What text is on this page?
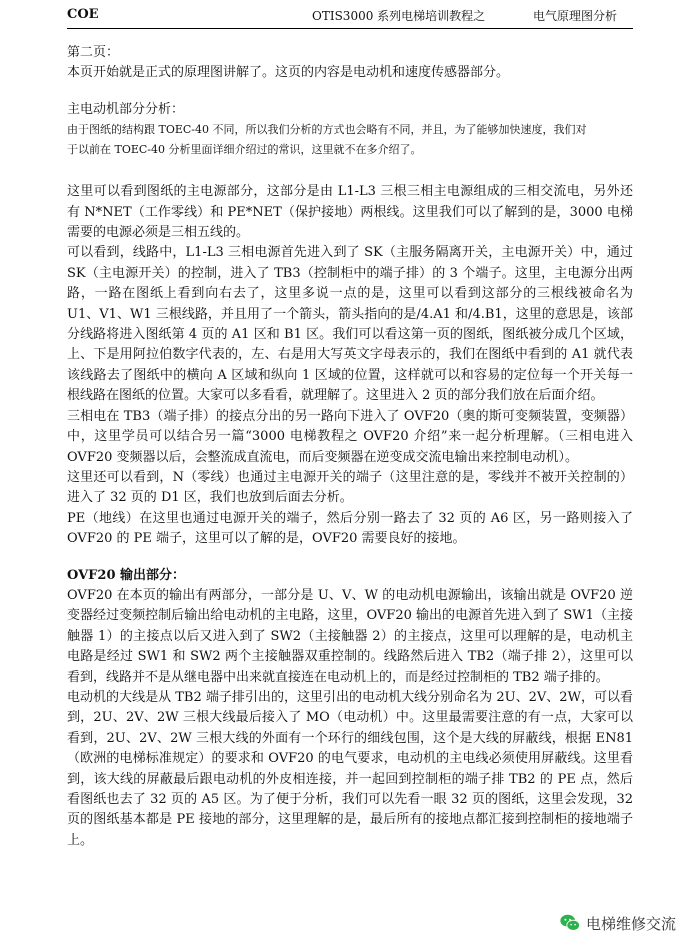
COE	OTIS3000 系列电梯培训教程之	电气原理图分析

第二页：

本页开始就是正式的原理图讲解了。这页的内容是电动机和速度传感器部分。

主电动机部分分析：

由于图纸的结构跟 TOEC-40 不同，所以我们分析的方式也会略有不同，并且，为了能够加快速度，我们对

于以前在 TOEC-40 分析里面详细介绍过的常识，这里就不在多介绍了。

这里可以看到图纸的主电源部分，这部分是由 L1-L3 三根三相主电源组成的三相交流电，另外还有 N*NET（工作零线）和 PE*NET（保护接地）两根线。这里我们可以了解到的是，3000 电梯需要的电源必须是三相五线的。

可以看到，线路中，L1-L3 三相电源首先进入到了 SK（主服务隔离开关，主电源开关）中，通过 SK（主电源开关）的控制，进入了 TB3（控制柜中的端子排）的 3 个端子。这里，主电源分出两路，一路在图纸上看到向右去了，这里多说一点的是，这里可以看到这部分的三根线被命名为 U1、V1、W1 三根线路，并且用了一个箭头，箭头指向的是/4.A1 和/4.B1，这里的意思是，该部分线路将进入图纸第 4 页的 A1 区和 B1 区。我们可以看这第一页的图纸，图纸被分成几个区域，上、下是用阿拉伯数字代表的，左、右是用大写英文字母表示的，我们在图纸中看到的 A1 就代表该线路去了图纸中的横向 A 区域和纵向 1 区域的位置，这样就可以和容易的定位每一个开关每一根线路在图纸的位置。大家可以多看看，就理解了。这里进入 2 页的部分我们放在后面介绍。

三相电在 TB3（端子排）的接点分出的另一路向下进入了 OVF20（奥的斯可变频装置，变频器）中，这里学员可以结合另一篇“3000 电梯教程之 OVF20 介绍”来一起分析理解。（三相电进入 OVF20 变频器以后，会整流成直流电，而后变频器在逆变成交流电输出来控制电动机）。

这里还可以看到，N（零线）也通过主电源开关的端子（这里注意的是，零线并不被开关控制的）进入了 32 页的 D1 区，我们也放到后面去分析。

PE（地线）在这里也通过电源开关的端子，然后分别一路去了 32 页的 A6 区，另一路则接入了 OVF20 的 PE 端子，这里可以了解的是，OVF20 需要良好的接地。

OVF20 输出部分：

OVF20 在本页的输出有两部分，一部分是 U、V、W 的电动机电源输出，该输出就是 OVF20 逆变器经过变频控制后输出给电动机的主电路，这里，OVF20 输出的电源首先进入到了 SW1（主接触器 1）的主接点以后又进入到了 SW2（主接触器 2）的主接点，这里可以理解的是，电动机主电路是经过 SW1 和 SW2 两个主接触器双重控制的。线路然后进入 TB2（端子排 2），这里可以看到，线路并不是从继电器中出来就直接连在电动机上的，而是经过控制柜的 TB2 端子排的。

电动机的大线是从 TB2 端子排引出的，这里引出的电动机大线分别命名为 2U、2V、2W，可以看到，2U、2V、2W 三根大线最后接入了 MO（电动机）中。这里最需要注意的有一点，大家可以看到，2U、2V、2W 三根大线的外面有一个环行的细线包围，这个是大线的屏蔽线，根据 EN81（欧洲的电梯标准规定）的要求和 OVF20 的电气要求，电动机的主电线必须使用屏蔽线。这里看到，该大线的屏蔽最后跟电动机的外皮相连接，并一起回到控制柜的端子排 TB2 的 PE 点，然后看图纸也去了 32 页的 A5 区。为了便于分析，我们可以先看一眼 32 页的图纸，这里会发现，32 页的图纸基本都是 PE 接地的部分，这里理解的是，最后所有的接地点都汇接到控制柜的接地端子上。

电梯维修交流
